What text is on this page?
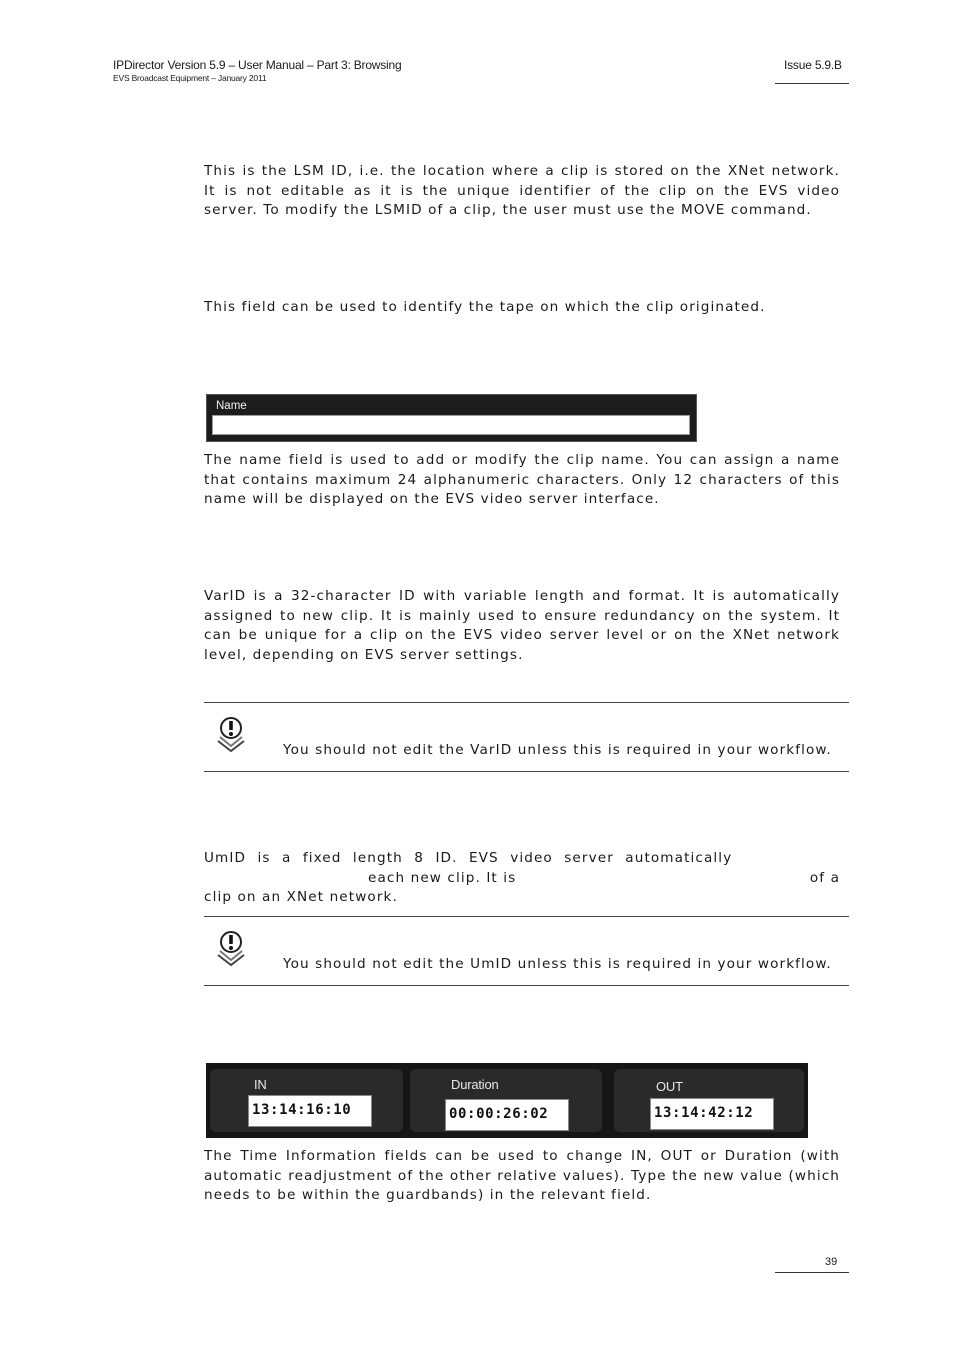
IPDirector Version 5.9 – User Manual – Part 3: Browsing
EVS Broadcast Equipment – January 2011
Issue 5.9.B
This is the LSM ID, i.e. the location where a clip is stored on the XNet network. It is not editable as it is the unique identifier of the clip on the EVS video server. To modify the LSMID of a clip, the user must use the MOVE command.
This field can be used to identify the tape on which the clip originated.
Name
The name field is used to add or modify the clip name. You can assign a name that contains maximum 24 alphanumeric characters. Only 12 characters of this name will be displayed on the EVS video server interface.
VarID is a 32-character ID with variable length and format. It is automatically assigned to new clip. It is mainly used to ensure redundancy on the system. It can be unique for a clip on the EVS video server level or on the XNet network level, depending on EVS server settings.
You should not edit the VarID unless this is required in your workflow.
UmID is a fixed length 8 ID. EVS video server automatically
each new clip. It is	of a
clip on an XNet network.
You should not edit the UmID unless this is required in your workflow.
IN
13:14:16:10
Duration
00:00:26:02
OUT
13:14:42:12
The Time Information fields can be used to change IN, OUT or Duration (with automatic readjustment of the other relative values). Type the new value (which needs to be within the guardbands) in the relevant field.
39
